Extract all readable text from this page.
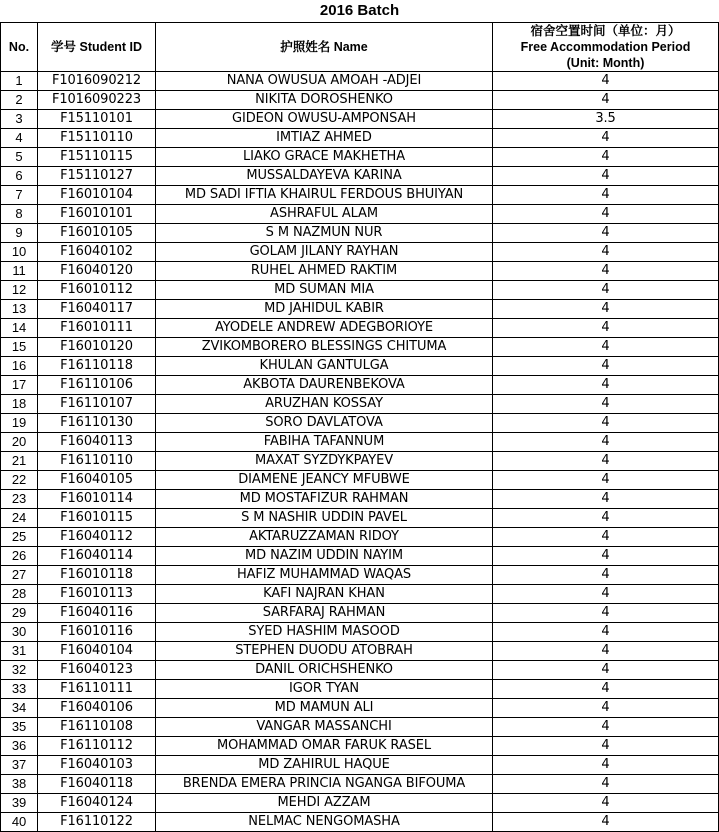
2016 Batch
No.	学号 Student ID	护照姓名 Name	宿舍空置时间（单位：月）
Free Accommodation Period
(Unit: Month)

1	F1016090212	NANA OWUSUA AMOAH -ADJEI	4
2	F1016090223	NIKITA DOROSHENKO	4
3	F15110101	GIDEON OWUSU-AMPONSAH	3.5
4	F15110110	IMTIAZ AHMED	4
5	F15110115	LIAKO GRACE MAKHETHA	4
6	F15110127	MUSSALDAYEVA KARINA	4
7	F16010104	MD SADI IFTIA KHAIRUL FERDOUS BHUIYAN	4
8	F16010101	ASHRAFUL ALAM	4
9	F16010105	S M NAZMUN NUR	4
10	F16040102	GOLAM JILANY RAYHAN	4
11	F16040120	RUHEL AHMED RAKTIM	4
12	F16010112	MD SUMAN MIA	4
13	F16040117	MD JAHIDUL KABIR	4
14	F16010111	AYODELE ANDREW ADEGBORIOYE	4
15	F16010120	ZVIKOMBORERO BLESSINGS CHITUMA	4
16	F16110118	KHULAN GANTULGA	4
17	F16110106	AKBOTA DAURENBEKOVA	4
18	F16110107	ARUZHAN KOSSAY	4
19	F16110130	SORO DAVLATOVA	4
20	F16040113	FABIHA TAFANNUM	4
21	F16110110	MAXAT SYZDYKPAYEV	4
22	F16040105	DIAMENE JEANCY MFUBWE	4
23	F16010114	MD MOSTAFIZUR RAHMAN	4
24	F16010115	S M NASHIR UDDIN PAVEL	4
25	F16040112	AKTARUZZAMAN RIDOY	4
26	F16040114	MD NAZIM UDDIN NAYIM	4
27	F16010118	HAFIZ MUHAMMAD WAQAS	4
28	F16010113	KAFI NAJRAN KHAN	4
29	F16040116	SARFARAJ RAHMAN	4
30	F16010116	SYED HASHIM MASOOD	4
31	F16040104	STEPHEN DUODU ATOBRAH	4
32	F16040123	DANIL ORICHSHENKO	4
33	F16110111	IGOR TYAN	4
34	F16040106	MD MAMUN ALI	4
35	F16110108	VANGAR MASSANCHI	4
36	F16110112	MOHAMMAD OMAR FARUK RASEL	4
37	F16040103	MD ZAHIRUL HAQUE	4
38	F16040118	BRENDA EMERA PRINCIA NGANGA BIFOUMA	4
39	F16040124	MEHDI AZZAM	4
40	F16110122	NELMAC NENGOMASHA	4
